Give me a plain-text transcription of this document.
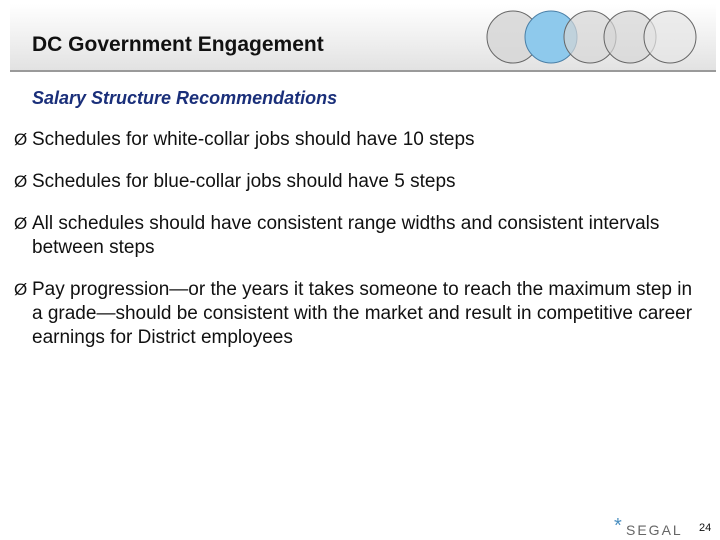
DC Government Engagement
Salary Structure Recommendations
Ø Schedules for white-collar jobs should have 10 steps
Ø Schedules for blue-collar jobs should have 5 steps
Ø All schedules should have consistent range widths and consistent intervals between steps
Ø Pay progression—or the years it takes someone to reach the maximum step in a grade—should be consistent with the market and result in competitive career earnings for District employees
* SEGAL 24
